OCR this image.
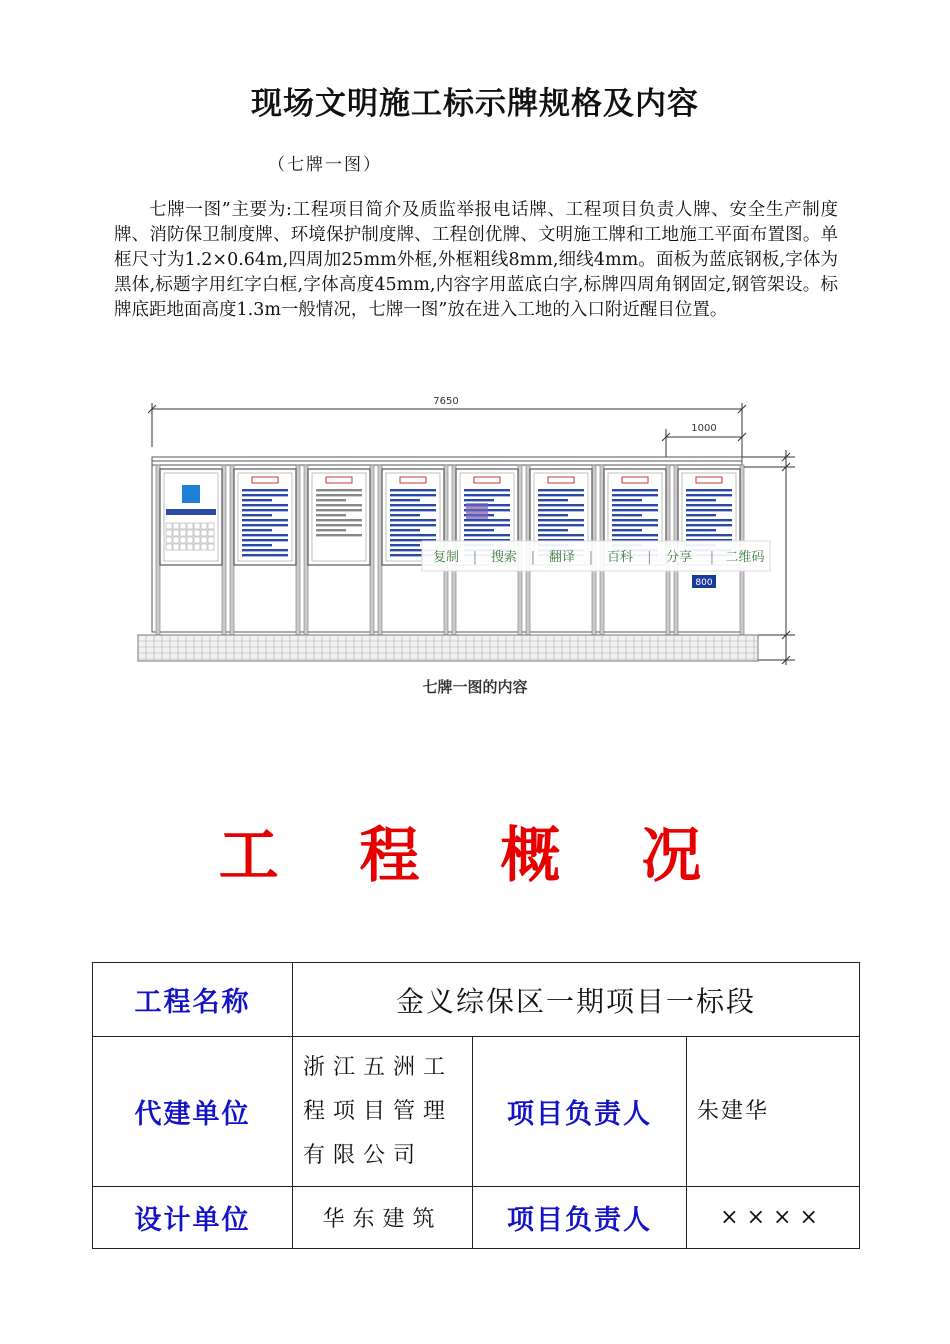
现场文明施工标示牌规格及内容
（七牌一图）
七牌一图”主要为:工程项目简介及质监举报电话牌、工程项目负责人牌、安全生产制度牌、消防保卫制度牌、环境保护制度牌、工程创优牌、文明施工牌和工地施工平面布置图。单框尺寸为1.2×0.64m,四周加25mm外框,外框粗线8mm,细线4mm。面板为蓝底钢板,字体为黑体,标题字用红字白框,字体高度45mm,内容字用蓝底白字,标牌四周角钢固定,钢管架设。标牌底距地面高度1.3m一般情况，七牌一图”放在进入工地的入口附近醒目位置。
7650
1000
800
复制 | 搜索 | 翻译 | 百科 | 分享 | 二维码
七牌一图的内容
工 程 概 况
工程名称	金义综保区一期项目一标段		
代建单位	浙江五洲工程项目管理有限公司	项目负责人	朱建华
设计单位	华东建筑	项目负责人	××××
